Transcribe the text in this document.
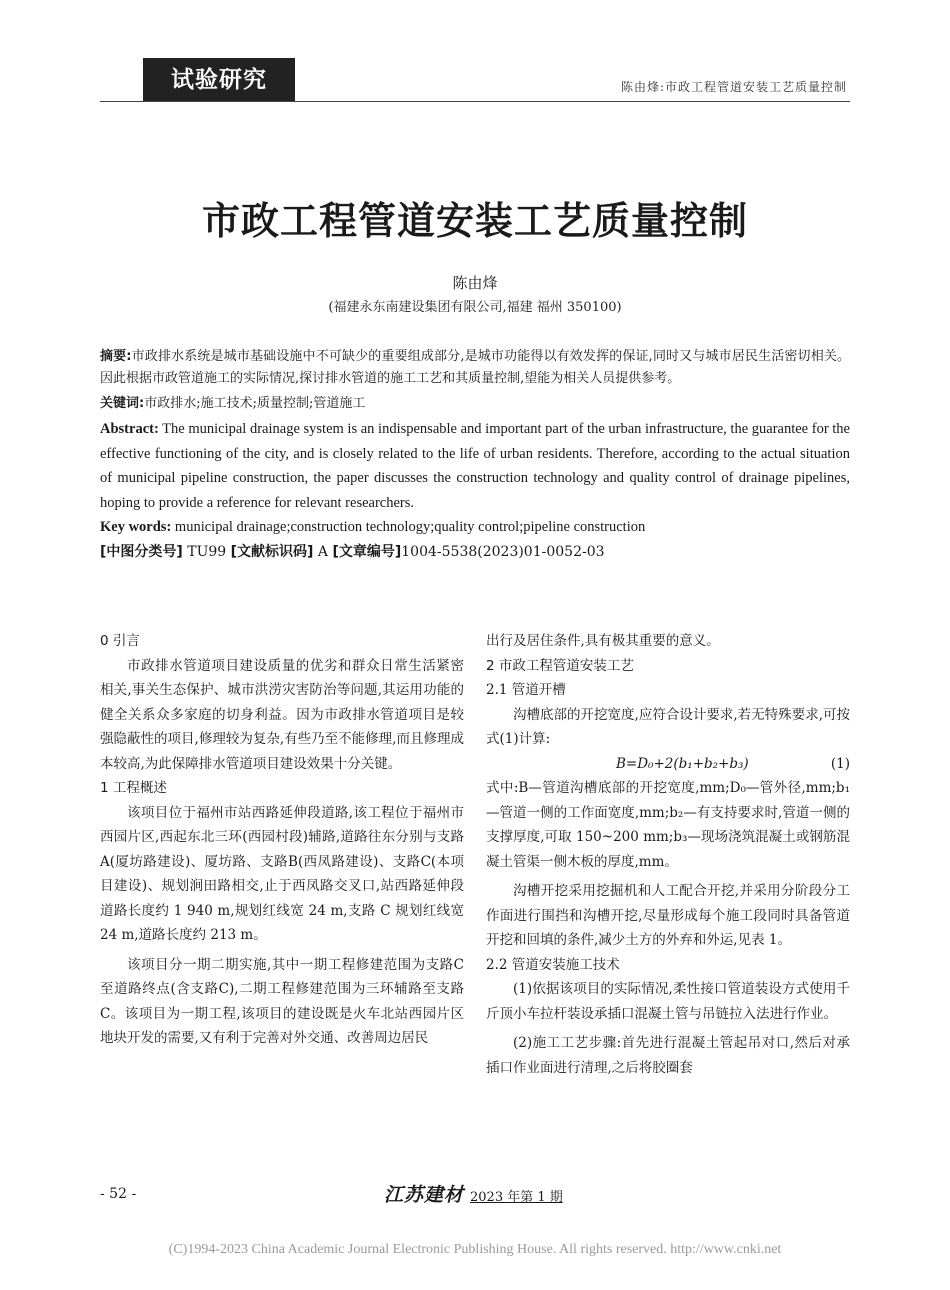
试验研究	陈由烽:市政工程管道安装工艺质量控制
市政工程管道安装工艺质量控制
陈由烽
(福建永东南建设集团有限公司,福建 福州 350100)

摘要:市政排水系统是城市基础设施中不可缺少的重要组成部分,是城市功能得以有效发挥的保证,同时又与城市居民生活密切相关。因此根据市政管道施工的实际情况,探讨排水管道的施工工艺和其质量控制,望能为相关人员提供参考。

关键词:市政排水;施工技术;质量控制;管道施工

Abstract: The municipal drainage system is an indispensable and important part of the urban infrastructure, the guarantee for the effective functioning of the city, and is closely related to the life of urban residents. Therefore, according to the actual situation of municipal pipeline construction, the paper discusses the construction technology and quality control of drainage pipelines, hoping to provide a reference for relevant researchers.

Key words: municipal drainage;construction technology;quality control;pipeline construction

[中图分类号] TU99 [文献标识码] A [文章编号]1004-5538(2023)01-0052-03

0 引言

市政排水管道项目建设质量的优劣和群众日常生活紧密相关,事关生态保护、城市洪涝灾害防治等问题,其运用功能的健全关系众多家庭的切身利益。因为市政排水管道项目是较强隐蔽性的项目,修理较为复杂,有些乃至不能修理,而且修理成本较高,为此保障排水管道项目建设效果十分关键。

1 工程概述

该项目位于福州市站西路延伸段道路,该工程位于福州市西园片区,西起东北三环(西园村段)辅路,道路往东分别与支路A(厦坊路建设)、厦坊路、支路B(西凤路建设)、支路C(本项目建设)、规划涧田路相交,止于西凤路交叉口,站西路延伸段道路长度约 1 940 m,规划红线宽 24 m,支路 C 规划红线宽 24 m,道路长度约 213 m。

该项目分一期二期实施,其中一期工程修建范围为支路C至道路终点(含支路C),二期工程修建范围为三环辅路至支路C。该项目为一期工程,该项目的建设既是火车北站西园片区地块开发的需要,又有利于完善对外交通、改善周边居民

出行及居住条件,具有极其重要的意义。

2 市政工程管道安装工艺

2.1 管道开槽

沟槽底部的开挖宽度,应符合设计要求,若无特殊要求,可按式(1)计算:

B=D₀+2(b₁+b₂+b₃)	(1)

式中:B—管道沟槽底部的开挖宽度,mm;D₀—管外径,mm;b₁—管道一侧的工作面宽度,mm;b₂—有支持要求时,管道一侧的支撑厚度,可取 150~200 mm;b₃—现场浇筑混凝土或钢筋混凝土管渠一侧木板的厚度,mm。

沟槽开挖采用挖掘机和人工配合开挖,并采用分阶段分工作面进行围挡和沟槽开挖,尽量形成每个施工段同时具备管道开挖和回填的条件,减少土方的外弃和外运,见表 1。

2.2 管道安装施工技术

(1)依据该项目的实际情况,柔性接口管道装设方式使用千斤顶小车拉杆装设承插口混凝土管与吊链拉入法进行作业。

(2)施工工艺步骤:首先进行混凝土管起吊对口,然后对承插口作业面进行清理,之后将胶圈套

- 52 -	江苏建材 2023 年第 1 期
(C)1994-2023 China Academic Journal Electronic Publishing House. All rights reserved. http://www.cnki.net
